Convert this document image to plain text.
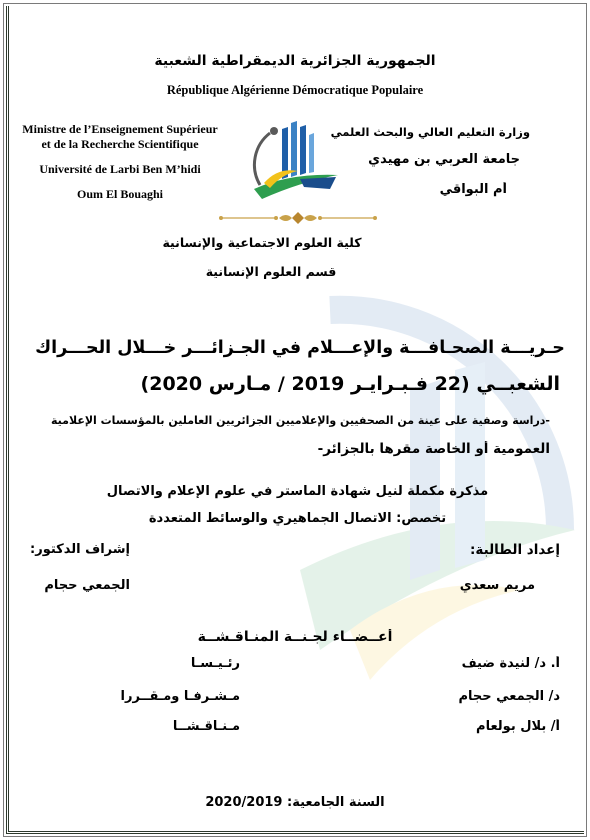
الجمهورية الجزائرية الديمقراطية الشعبية
République Algérienne Démocratique Populaire
Ministre de l’Enseignement Supérieur
et de la Recherche Scientifique
Université de Larbi Ben M’hidi
Oum El Bouaghi
وزارة التعليم العالي والبحث العلمي
جامعة العربي بن مهيدي
أم البواقي
كلية العلوم الاجتماعية والإنسانية
قسم العلوم الإنسانية
حـريـــة الصحـافـــة والإعـــلام في الجـزائـــر خـــلال الحـــراك
الشعبــي (22 فـبـرايـر 2019 / مـارس 2020)
-دراسة وصفية على عينة من الصحفيين والإعلاميين الجزائريين العاملين بالمؤسسات الإعلامية
العمومية أو الخاصة مقرها بالجزائر-
مذكرة مكملة لنيل شهادة الماستر في علوم الإعلام والاتصال
تخصص: الاتصال الجماهيري والوسائط المتعددة
إعداد الطالبة:
إشراف الدكتور:
مريم سعدي
الجمعي حجام
أعــضــاء لجـنــة المنـاقـشــة
أ. د/ لنيدة ضيف
رئـيـسـا
د/ الجمعي حجام
مـشـرفـا ومـقــررا
أ/ بلال بولعام
مـنـاقـشــا
السنة الجامعية: 2020/2019
